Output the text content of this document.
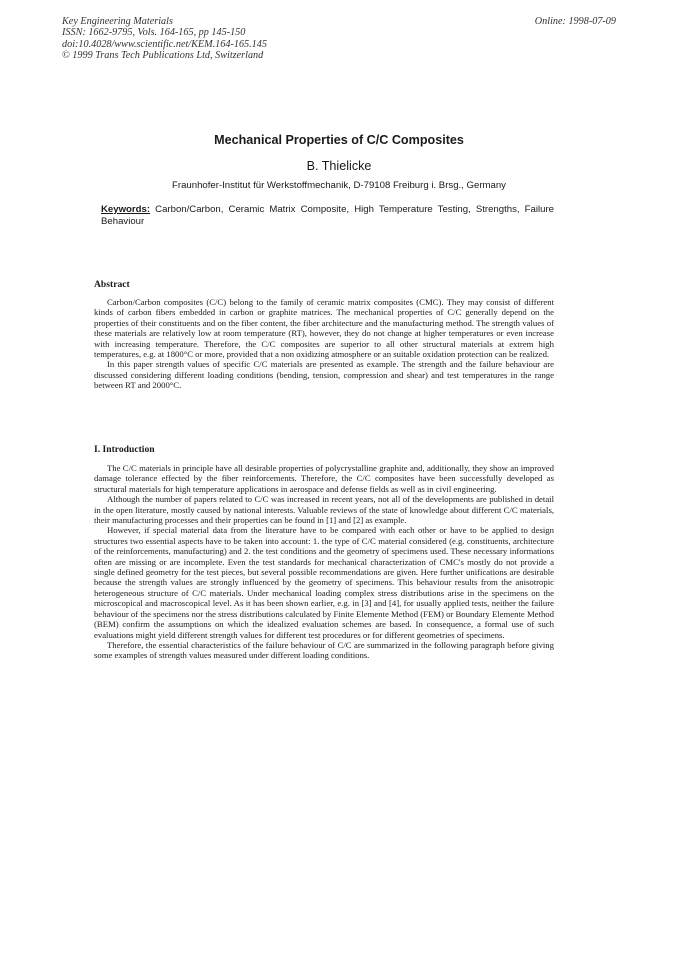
Key Engineering Materials
ISSN: 1662-9795, Vols. 164-165, pp 145-150
doi:10.4028/www.scientific.net/KEM.164-165.145
© 1999 Trans Tech Publications Ltd, Switzerland
Online: 1998-07-09
Mechanical Properties of C/C Composites
B. Thielicke
Fraunhofer-Institut für Werkstoffmechanik, D-79108 Freiburg i. Brsg., Germany
Keywords: Carbon/Carbon, Ceramic Matrix Composite, High Temperature Testing, Strengths, Failure Behaviour
Abstract

Carbon/Carbon composites (C/C) belong to the family of ceramic matrix composites (CMC). They may consist of different kinds of carbon fibers embedded in carbon or graphite matrices. The mechanical properties of C/C generally depend on the properties of their constituents and on the fiber content, the fiber architecture and the manufacturing method. The strength values of these materials are relatively low at room temperature (RT), however, they do not change at higher temperatures or even increase with increasing temperature. Therefore, the C/C composites are superior to all other structural materials at extrem high temperatures, e.g. at 1800°C or more, provided that a non oxidizing atmosphere or an suitable oxidation protection can be realized.

In this paper strength values of specific C/C materials are presented as example. The strength and the failure behaviour are discussed considering different loading conditions (bending, tension, compression and shear) and test temperatures in the range between RT and 2000°C.

I. Introduction

The C/C materials in principle have all desirable properties of polycrystalline graphite and, additionally, they show an improved damage tolerance effected by the fiber reinforcements. Therefore, the C/C composites have been successfully developed as structural materials for high temperature applications in aerospace and defense fields as well as in civil engineering.

Although the number of papers related to C/C was increased in recent years, not all of the developments are published in detail in the open literature, mostly caused by national interests. Valuable reviews of the state of knowledge about different C/C materials, their manufacturing processes and their properties can be found in [1] and [2] as example.

However, if special material data from the literature have to be compared with each other or have to be applied to design structures two essential aspects have to be taken into account: 1. the type of C/C material considered (e.g. constituents, architecture of the reinforcements, manufacturing) and 2. the test conditions and the geometry of specimens used. These necessary informations often are missing or are incomplete. Even the test standards for mechanical characterization of CMC's mostly do not provide a single defined geometry for the test pieces, but several possible recommendations are given. Here further unifications are desirable because the strength values are strongly influenced by the geometry of specimens. This behaviour results from the anisotropic heterogeneous structure of C/C materials. Under mechanical loading complex stress distributions arise in the specimens on the microscopical and macroscopical level. As it has been shown earlier, e.g. in [3] and [4], for usually applied tests, neither the failure behaviour of the specimens nor the stress distributions calculated by Finite Elemente Method (FEM) or Boundary Elemente Method (BEM) confirm the assumptions on which the idealized evaluation schemes are based. In consequence, a formal use of such evaluations might yield different strength values for different test procedures or for different geometries of specimens.

Therefore, the essential characteristics of the failure behaviour of C/C are summarized in the following paragraph before giving some examples of strength values measured under different loading conditions.
